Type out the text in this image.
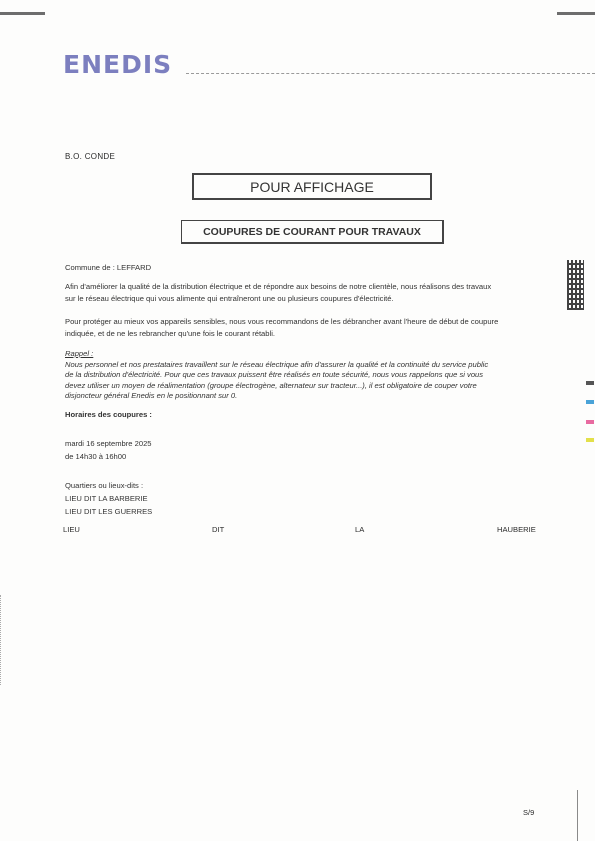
ENEDIS
B.O. CONDE
POUR AFFICHAGE
COUPURES DE COURANT POUR TRAVAUX
Commune de : LEFFARD
Afin d'améliorer la qualité de la distribution électrique et de répondre aux besoins de notre clientèle, nous réalisons des travaux
sur le réseau électrique qui vous alimente qui entraîneront une ou plusieurs coupures d'électricité.
Pour protéger au mieux vos appareils sensibles, nous vous recommandons de les débrancher avant l'heure de début de coupure
indiquée, et de ne les rebrancher qu'une fois le courant rétabli.
Rappel :
Nous personnel et nos prestataires travaillent sur le réseau électrique afin d'assurer la qualité et la continuité du service public
de la distribution d'électricité. Pour que ces travaux puissent être réalisés en toute sécurité, nous vous rappelons que si vous
devez utiliser un moyen de réalimentation (groupe électrogène, alternateur sur tracteur...), il est obligatoire de couper votre
disjoncteur général Enedis en le positionnant sur 0.
Horaires des coupures :
mardi 16 septembre 2025
de 14h30 à 16h00
Quartiers ou lieux-dits :
LIEU DIT LA BARBERIE
LIEU DIT LES GUERRES
LIEU	DIT	LA	HAUBERIE
S/9
